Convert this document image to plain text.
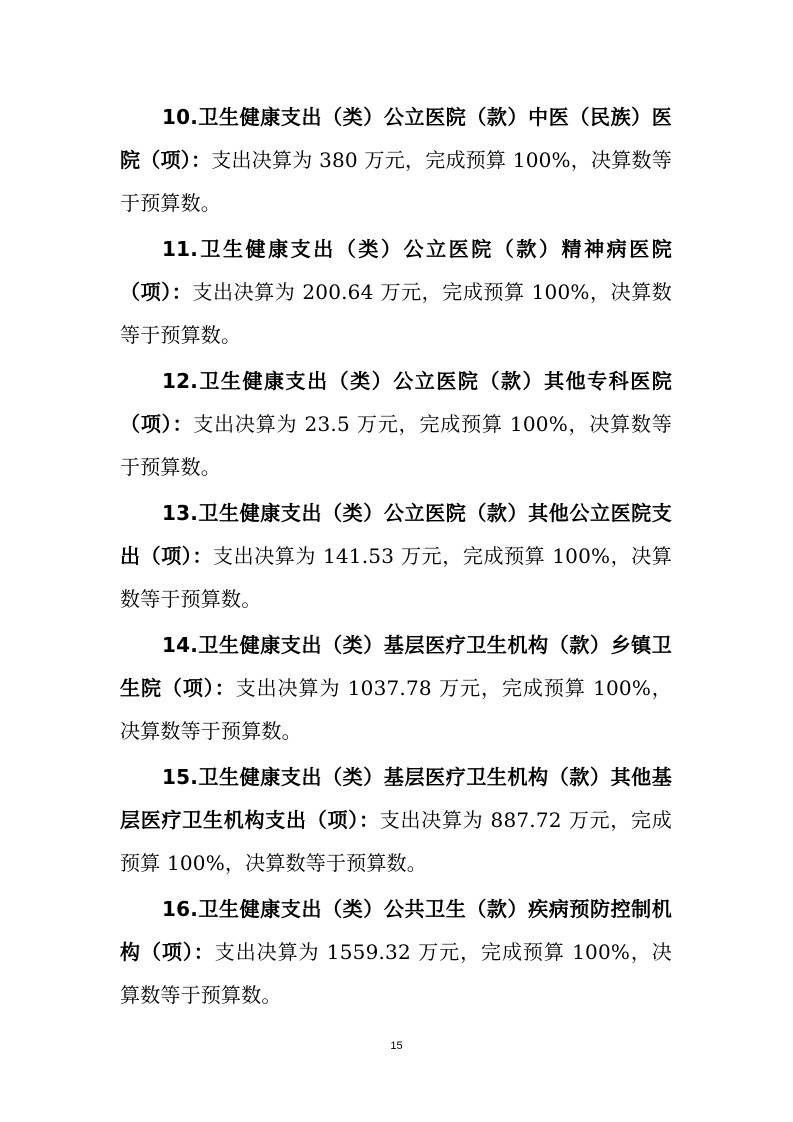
10.卫生健康支出（类）公立医院（款）中医（民族）医院（项）：支出决算为 380 万元，完成预算 100%，决算数等于预算数。

11.卫生健康支出（类）公立医院（款）精神病医院（项）：支出决算为 200.64 万元，完成预算 100%，决算数等于预算数。

12.卫生健康支出（类）公立医院（款）其他专科医院（项）：支出决算为 23.5 万元，完成预算 100%，决算数等于预算数。

13.卫生健康支出（类）公立医院（款）其他公立医院支出（项）：支出决算为 141.53 万元，完成预算 100%，决算数等于预算数。

14.卫生健康支出（类）基层医疗卫生机构（款）乡镇卫生院（项）：支出决算为 1037.78 万元，完成预算 100%，决算数等于预算数。

15.卫生健康支出（类）基层医疗卫生机构（款）其他基层医疗卫生机构支出（项）：支出决算为 887.72 万元，完成预算 100%，决算数等于预算数。

16.卫生健康支出（类）公共卫生（款）疾病预防控制机构（项）：支出决算为 1559.32 万元，完成预算 100%，决算数等于预算数。

15
